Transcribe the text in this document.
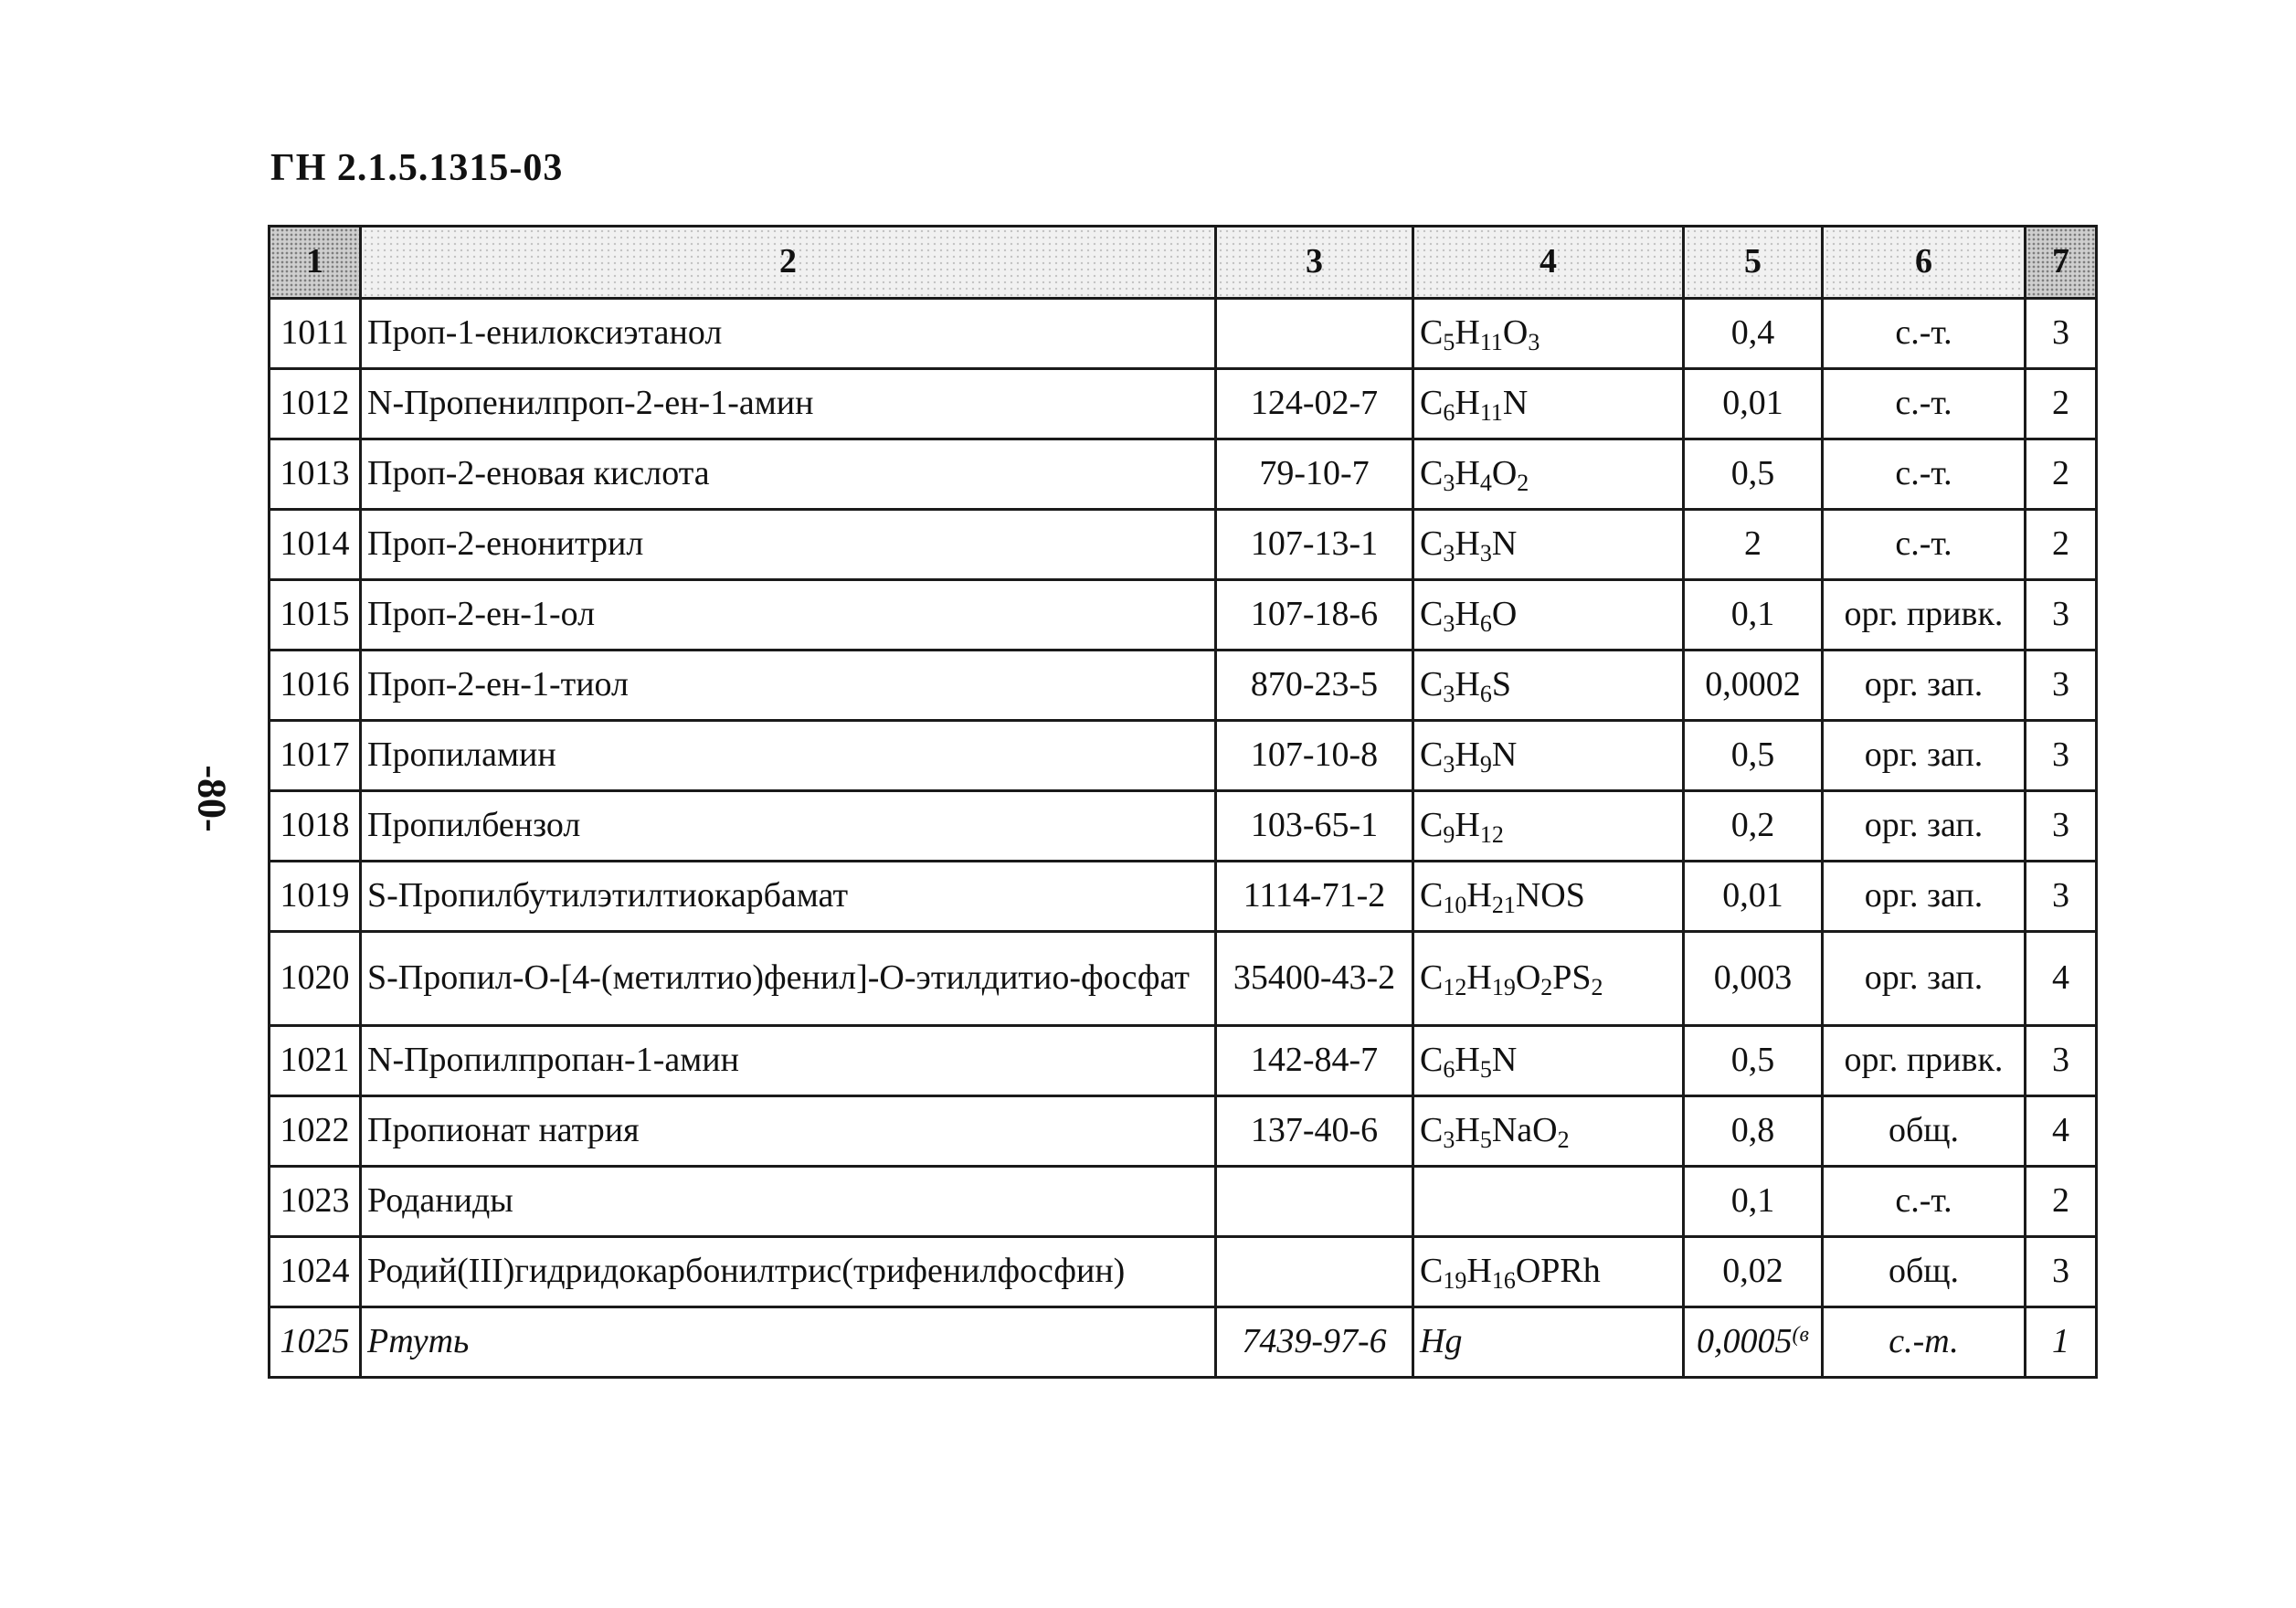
ГН 2.1.5.1315-03
-80-
1	2	3	4	5	6	7
1011	Проп-1-енилоксиэтанол		$C_5H_{11}O_3$	0,4	с.-т.	3
1012	N-Пропенилпроп-2-ен-1-амин	124-02-7	$C_6H_{11}N$	0,01	с.-т.	2
1013	Проп-2-еновая кислота	79-10-7	$C_3H_4O_2$	0,5	с.-т.	2
1014	Проп-2-енонитрил	107-13-1	$C_3H_3N$	2	с.-т.	2
1015	Проп-2-ен-1-ол	107-18-6	$C_3H_6O$	0,1	орг. привк.	3
1016	Проп-2-ен-1-тиол	870-23-5	$C_3H_6S$	0,0002	орг. зап.	3
1017	Пропиламин	107-10-8	$C_3H_9N$	0,5	орг. зап.	3
1018	Пропилбензол	103-65-1	$C_9H_{12}$	0,2	орг. зап.	3
1019	S-Пропилбутилэтилтиокарбамат	1114-71-2	$C_{10}H_{21}NOS$	0,01	орг. зап.	3
1020	S-Пропил-O-[4-(метилтио)фенил]-O-этилдитио-фосфат	35400-43-2	$C_{12}H_{19}O_2PS_2$	0,003	орг. зап.	4
1021	N-Пропилпропан-1-амин	142-84-7	$C_6H_5N$	0,5	орг. привк.	3
1022	Пропионат натрия	137-40-6	$C_3H_5NaO_2$	0,8	общ.	4
1023	Роданиды			0,1	с.-т.	2
1024	Родий(III)гидридокарбонилтрис(трифенилфосфин)		$C_{19}H_{16}OPRh$	0,02	общ.	3
1025	Ртуть	7439-97-6	Hg	$0,0005^{(в}$	с.-т.	1
